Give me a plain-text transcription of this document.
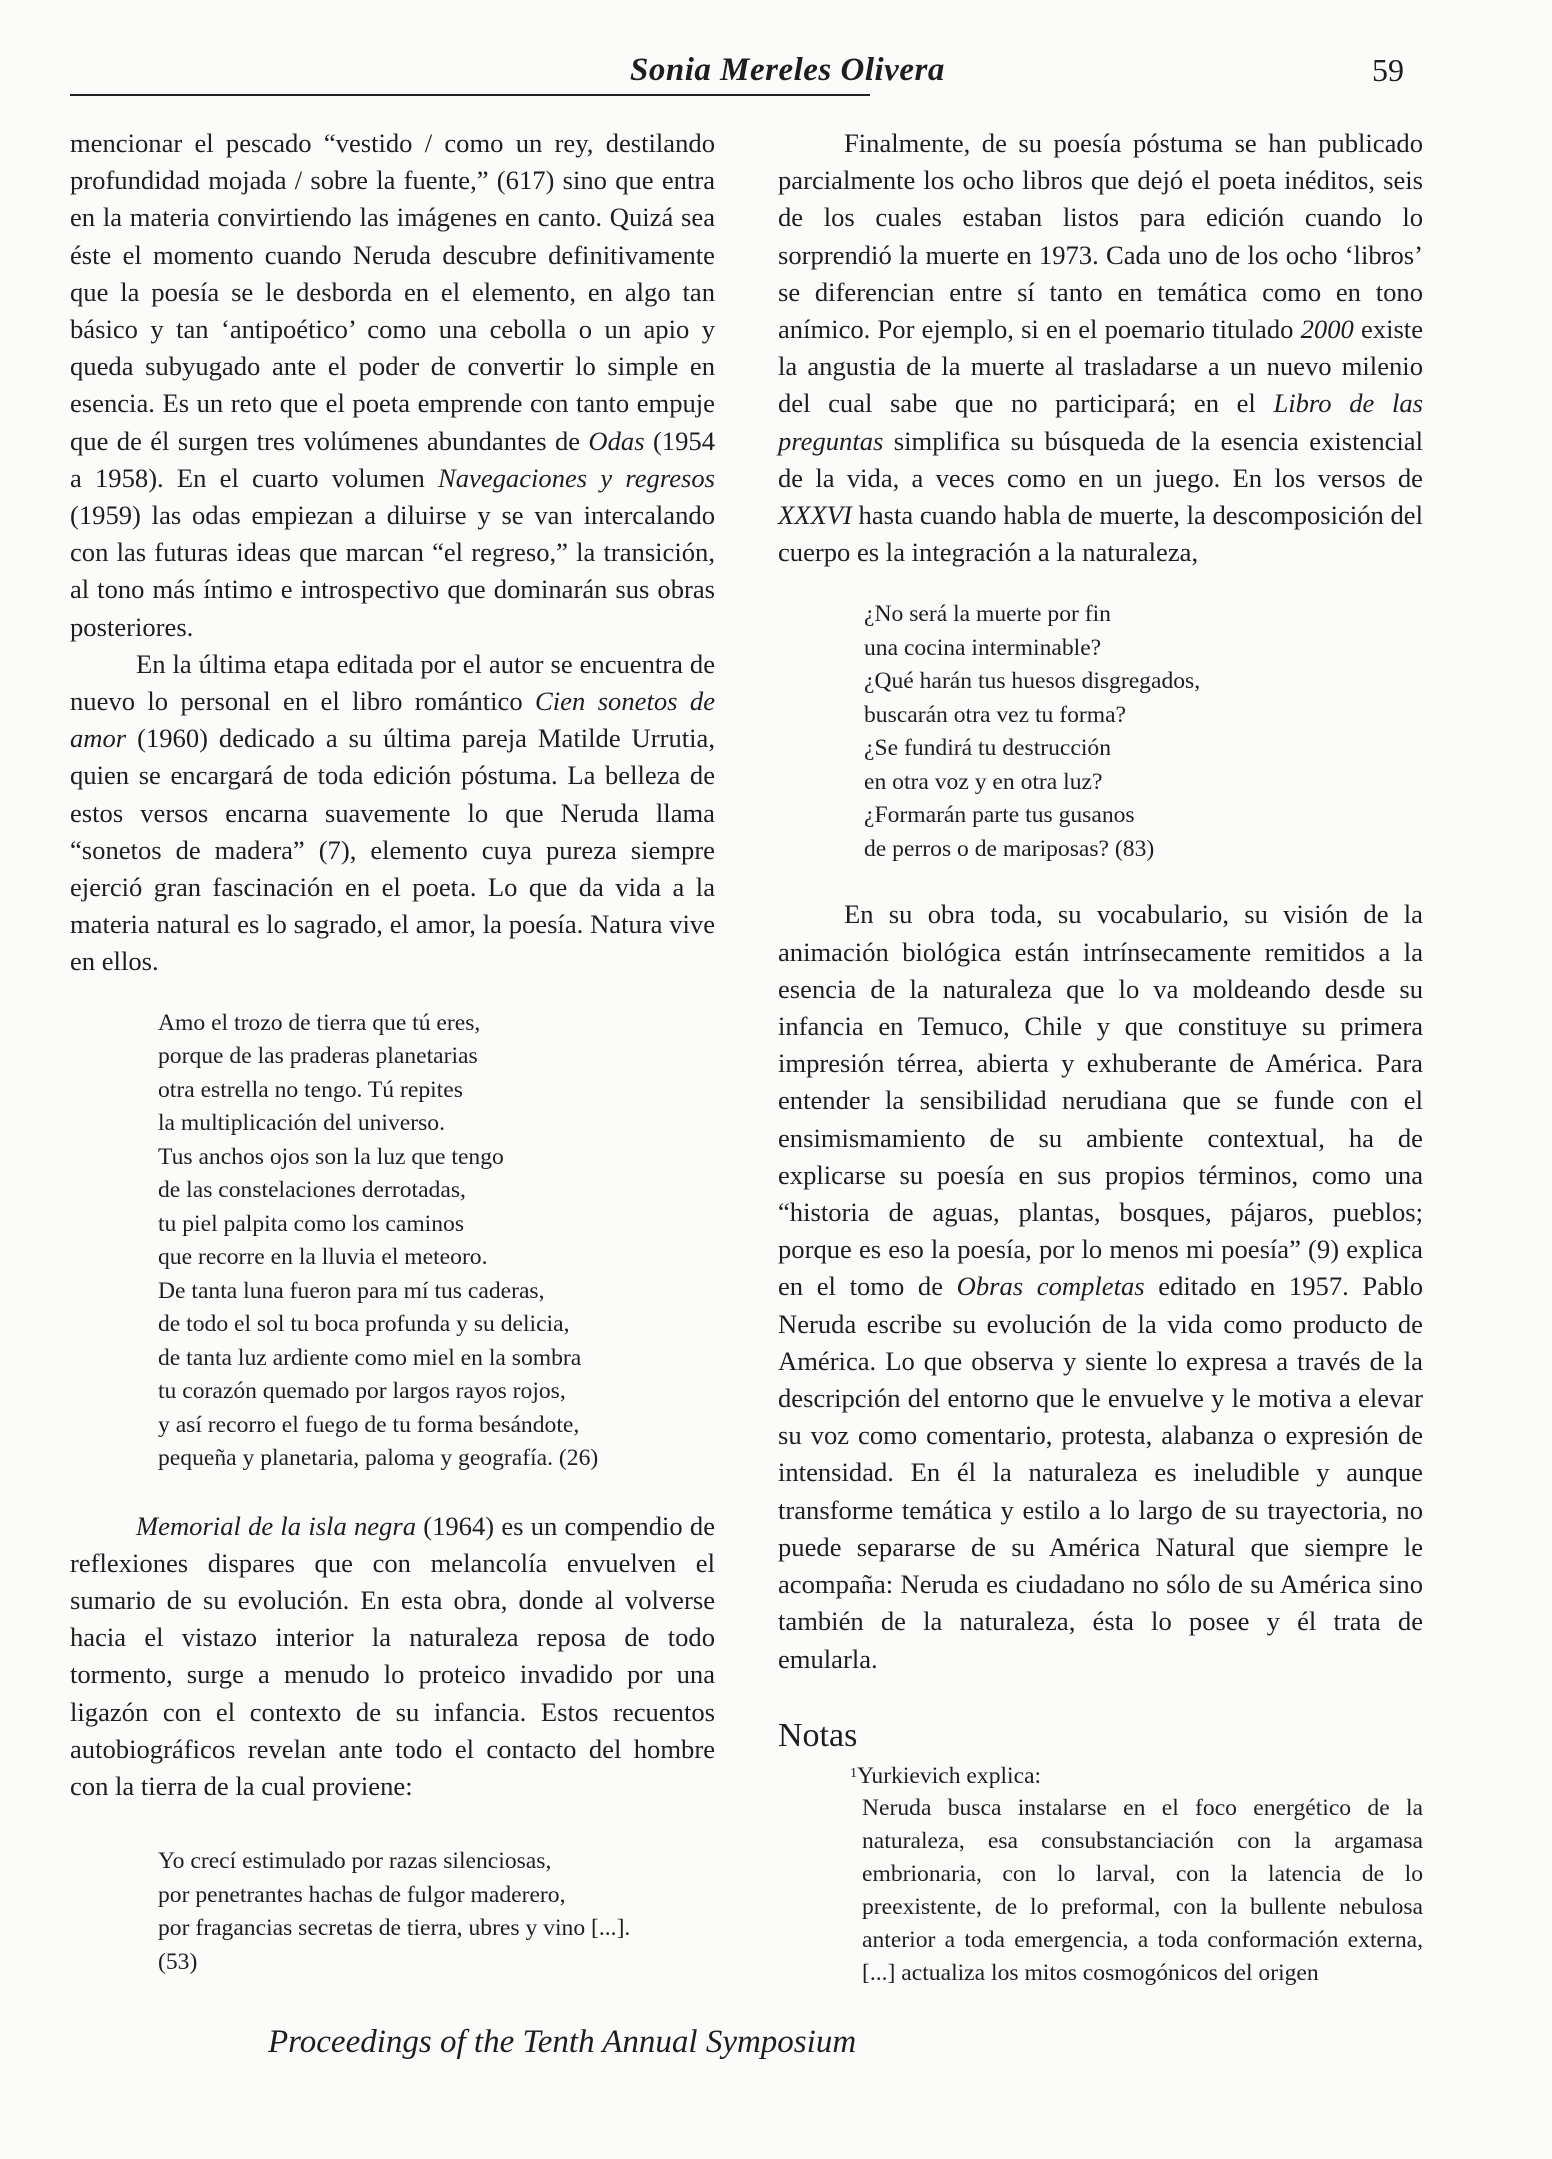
Sonia Mereles Olivera	59

mencionar el pescado “vestido / como un rey, destilando profundidad mojada / sobre la fuente,” (617) sino que entra en la materia convirtiendo las imágenes en canto. Quizá sea éste el momento cuando Neruda descubre definitivamente que la poesía se le desborda en el elemento, en algo tan básico y tan ‘antipoético’ como una cebolla o un apio y queda subyugado ante el poder de convertir lo simple en esencia. Es un reto que el poeta emprende con tanto empuje que de él surgen tres volúmenes abundantes de Odas (1954 a 1958). En el cuarto volumen Navegaciones y regresos (1959) las odas empiezan a diluirse y se van intercalando con las futuras ideas que marcan “el regreso,” la transición, al tono más íntimo e introspectivo que dominarán sus obras posteriores.

En la última etapa editada por el autor se encuentra de nuevo lo personal en el libro romántico Cien sonetos de amor (1960) dedicado a su última pareja Matilde Urrutia, quien se encargará de toda edición póstuma. La belleza de estos versos encarna suavemente lo que Neruda llama “sonetos de madera” (7), elemento cuya pureza siempre ejerció gran fascinación en el poeta. Lo que da vida a la materia natural es lo sagrado, el amor, la poesía. Natura vive en ellos.

Amo el trozo de tierra que tú eres,
porque de las praderas planetarias
otra estrella no tengo. Tú repites
la multiplicación del universo.
Tus anchos ojos son la luz que tengo
de las constelaciones derrotadas,
tu piel palpita como los caminos
que recorre en la lluvia el meteoro.
De tanta luna fueron para mí tus caderas,
de todo el sol tu boca profunda y su delicia,
de tanta luz ardiente como miel en la sombra
tu corazón quemado por largos rayos rojos,
y así recorro el fuego de tu forma besándote,
pequeña y planetaria, paloma y geografía. (26)

Memorial de la isla negra (1964) es un compendio de reflexiones dispares que con melancolía envuelven el sumario de su evolución. En esta obra, donde al volverse hacia el vistazo interior la naturaleza reposa de todo tormento, surge a menudo lo proteico invadido por una ligazón con el contexto de su infancia. Estos recuentos autobiográficos revelan ante todo el contacto del hombre con la tierra de la cual proviene:

Yo crecí estimulado por razas silenciosas,
por penetrantes hachas de fulgor maderero,
por fragancias secretas de tierra, ubres y vino [...].
(53)

Finalmente, de su poesía póstuma se han publicado parcialmente los ocho libros que dejó el poeta inéditos, seis de los cuales estaban listos para edición cuando lo sorprendió la muerte en 1973. Cada uno de los ocho ‘libros’ se diferencian entre sí tanto en temática como en tono anímico. Por ejemplo, si en el poemario titulado 2000 existe la angustia de la muerte al trasladarse a un nuevo milenio del cual sabe que no participará; en el Libro de las preguntas simplifica su búsqueda de la esencia existencial de la vida, a veces como en un juego. En los versos de XXXVI hasta cuando habla de muerte, la descomposición del cuerpo es la integración a la naturaleza,

¿No será la muerte por fin
una cocina interminable?
¿Qué harán tus huesos disgregados,
buscarán otra vez tu forma?
¿Se fundirá tu destrucción
en otra voz y en otra luz?
¿Formarán parte tus gusanos
de perros o de mariposas? (83)

En su obra toda, su vocabulario, su visión de la animación biológica están intrínsecamente remitidos a la esencia de la naturaleza que lo va moldeando desde su infancia en Temuco, Chile y que constituye su primera impresión térrea, abierta y exhuberante de América. Para entender la sensibilidad nerudiana que se funde con el ensimismamiento de su ambiente contextual, ha de explicarse su poesía en sus propios términos, como una “historia de aguas, plantas, bosques, pájaros, pueblos; porque es eso la poesía, por lo menos mi poesía” (9) explica en el tomo de Obras completas editado en 1957. Pablo Neruda escribe su evolución de la vida como producto de América. Lo que observa y siente lo expresa a través de la descripción del entorno que le envuelve y le motiva a elevar su voz como comentario, protesta, alabanza o expresión de intensidad. En él la naturaleza es ineludible y aunque transforme temática y estilo a lo largo de su trayectoria, no puede separarse de su América Natural que siempre le acompaña: Neruda es ciudadano no sólo de su América sino también de la naturaleza, ésta lo posee y él trata de emularla.

Notas
$^1$Yurkievich explica:
Neruda busca instalarse en el foco energético de la naturaleza, esa consubstanciación con la argamasa embrionaria, con lo larval, con la latencia de lo preexistente, de lo preformal, con la bullente nebulosa anterior a toda emergencia, a toda conformación externa, [...] actualiza los mitos cosmogónicos del origen
Proceedings of the Tenth Annual Symposium
